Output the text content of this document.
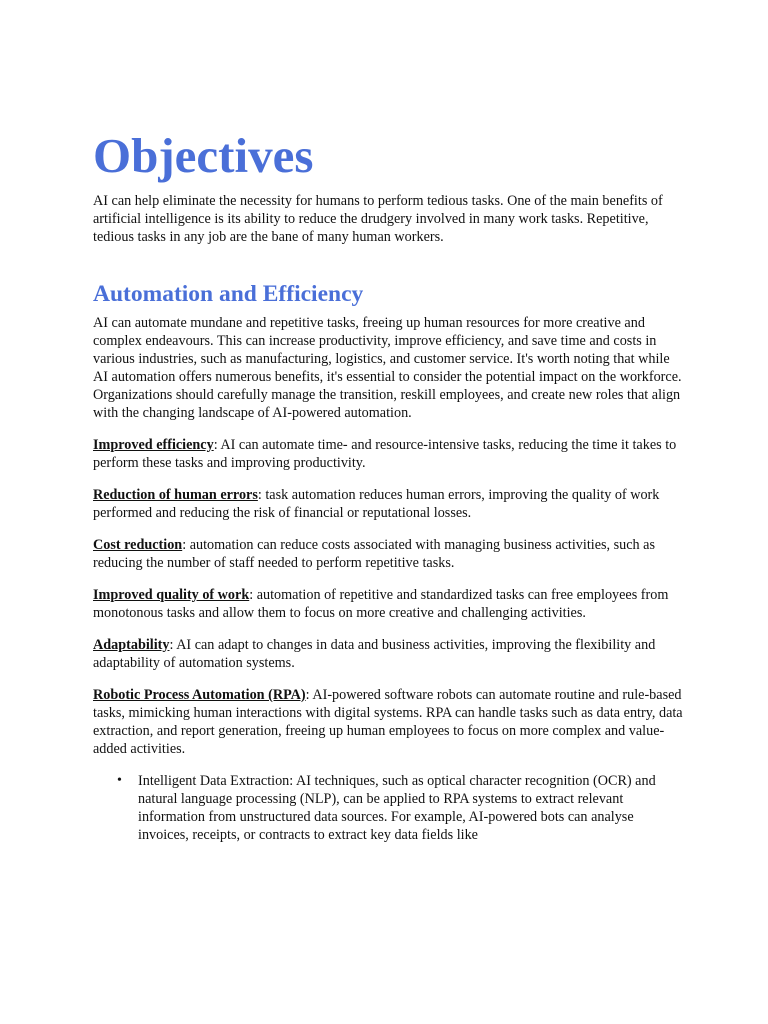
Objectives

AI can help eliminate the necessity for humans to perform tedious tasks. One of the main benefits of artificial intelligence is its ability to reduce the drudgery involved in many work tasks. Repetitive, tedious tasks in any job are the bane of many human workers.

Automation and Efficiency

AI can automate mundane and repetitive tasks, freeing up human resources for more creative and complex endeavours. This can increase productivity, improve efficiency, and save time and costs in various industries, such as manufacturing, logistics, and customer service. It's worth noting that while AI automation offers numerous benefits, it's essential to consider the potential impact on the workforce. Organizations should carefully manage the transition, reskill employees, and create new roles that align with the changing landscape of AI-powered automation.

Improved efficiency: AI can automate time- and resource-intensive tasks, reducing the time it takes to perform these tasks and improving productivity.

Reduction of human errors: task automation reduces human errors, improving the quality of work performed and reducing the risk of financial or reputational losses.

Cost reduction: automation can reduce costs associated with managing business activities, such as reducing the number of staff needed to perform repetitive tasks.

Improved quality of work: automation of repetitive and standardized tasks can free employees from monotonous tasks and allow them to focus on more creative and challenging activities.

Adaptability: AI can adapt to changes in data and business activities, improving the flexibility and adaptability of automation systems.

Robotic Process Automation (RPA): AI-powered software robots can automate routine and rule-based tasks, mimicking human interactions with digital systems. RPA can handle tasks such as data entry, data extraction, and report generation, freeing up human employees to focus on more complex and value-added activities.

• Intelligent Data Extraction: AI techniques, such as optical character recognition (OCR) and natural language processing (NLP), can be applied to RPA systems to extract relevant information from unstructured data sources. For example, AI-powered bots can analyse invoices, receipts, or contracts to extract key data fields like
